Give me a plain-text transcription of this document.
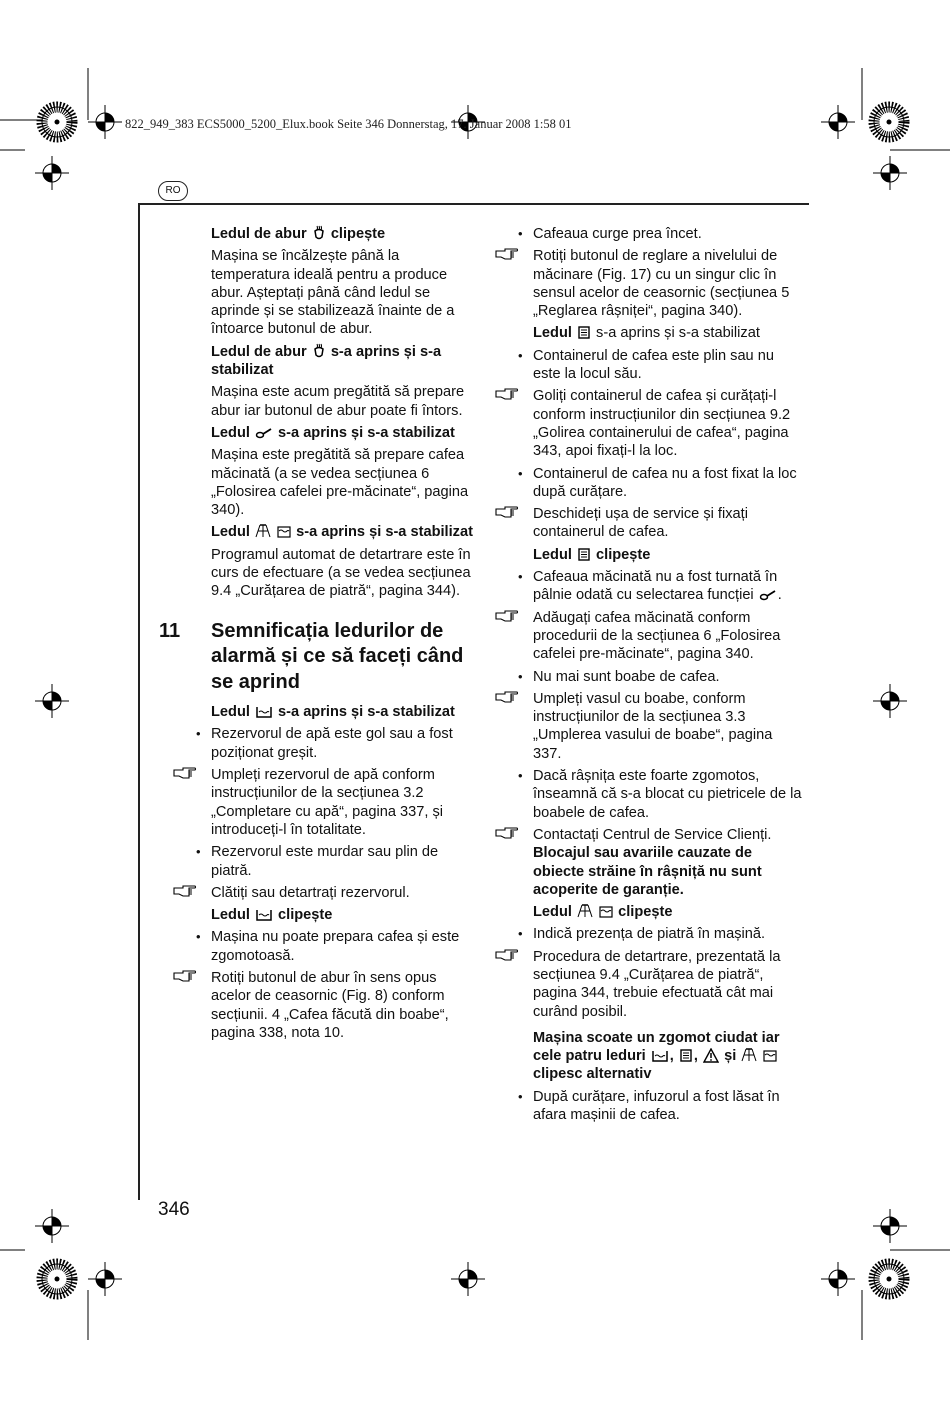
822_949_383 ECS5000_5200_Elux.book Seite 346 Donnerstag, 17. Januar 2008 1:58 01
RO
346

Ledul de abur clipește

Mașina se încălzește până la temperatura ideală pentru a produce abur. Așteptați până când ledul se aprinde și se stabilizează înainte de a întoarce butonul de abur.

Ledul de abur s-a aprins și s-a stabilizat

Mașina este acum pregătită să prepare abur iar butonul de abur poate fi întors.

Ledul s-a aprins și s-a stabilizat

Mașina este pregătită să prepare cafea măcinată (a se vedea secțiunea 6 „Folosirea cafelei pre-măcinate“, pagina 340).

Ledul	s-a aprins și s-a stabilizat

Programul automat de detartrare este în curs de efectuare (a se vedea secțiunea 9.4 „Curățarea de piatră“, pagina 344).

11 Semnificația ledurilor de alarmă și ce să faceți când se aprind

Ledul s-a aprins și s-a stabilizat

• Rezervorul de apă este gol sau a fost poziționat greșit.
Umpleți rezervorul de apă conform instrucțiunilor de la secțiunea 3.2 „Completare cu apă“, pagina 337, și introduceți-l în totalitate.
• Rezervorul este murdar sau plin de piatră.
Clătiți sau detartrați rezervorul.

Ledul clipește

• Mașina nu poate prepara cafea și este zgomotoasă.
Rotiți butonul de abur în sens opus acelor de ceasornic (Fig. 8) conform secțiunii. 4 „Cafea făcută din boabe“, pagina 338, nota 10.
• Cafeaua curge prea încet.
Rotiți butonul de reglare a nivelului de măcinare (Fig. 17) cu un singur clic în sensul acelor de ceasornic (secțiunea 5 „Reglarea râșniței“, pagina 340).

Ledul s-a aprins și s-a stabilizat

• Containerul de cafea este plin sau nu este la locul său.
Goliți containerul de cafea și curățați-l conform instrucțiunilor din secțiunea 9.2 „Golirea containerului de cafea“, pagina 343, apoi fixați-l la loc.
• Containerul de cafea nu a fost fixat la loc după curățare.
Deschideți ușa de service și fixați containerul de cafea.

Ledul clipește

• Cafeaua măcinată nu a fost turnată în pâlnie odată cu selectarea funcției .
Adăugați cafea măcinată conform procedurii de la secțiunea 6 „Folosirea cafelei pre-măcinate“, pagina 340.
• Nu mai sunt boabe de cafea.
Umpleți vasul cu boabe, conform instrucțiunilor de la secțiunea 3.3 „Umplerea vasului de boabe“, pagina 337.
• Dacă râșnița este foarte zgomotos, înseamnă că s-a blocat cu pietricele de la boabele de cafea.
Contactați Centrul de Service Clienți.
Blocajul sau avariile cauzate de obiecte străine în râșniță nu sunt acoperite de garanție.

Ledul	clipește

• Indică prezența de piatră în mașină.
Procedura de detartrare, prezentată la secțiunea 9.4 „Curățarea de piatră“, pagina 344, trebuie efectuată cât mai curând posibil.

Mașina scoate un zgomot ciudat iar cele patru leduri , , și   clipesc alternativ

• După curățare, infuzorul a fost lăsat în afara mașinii de cafea.
